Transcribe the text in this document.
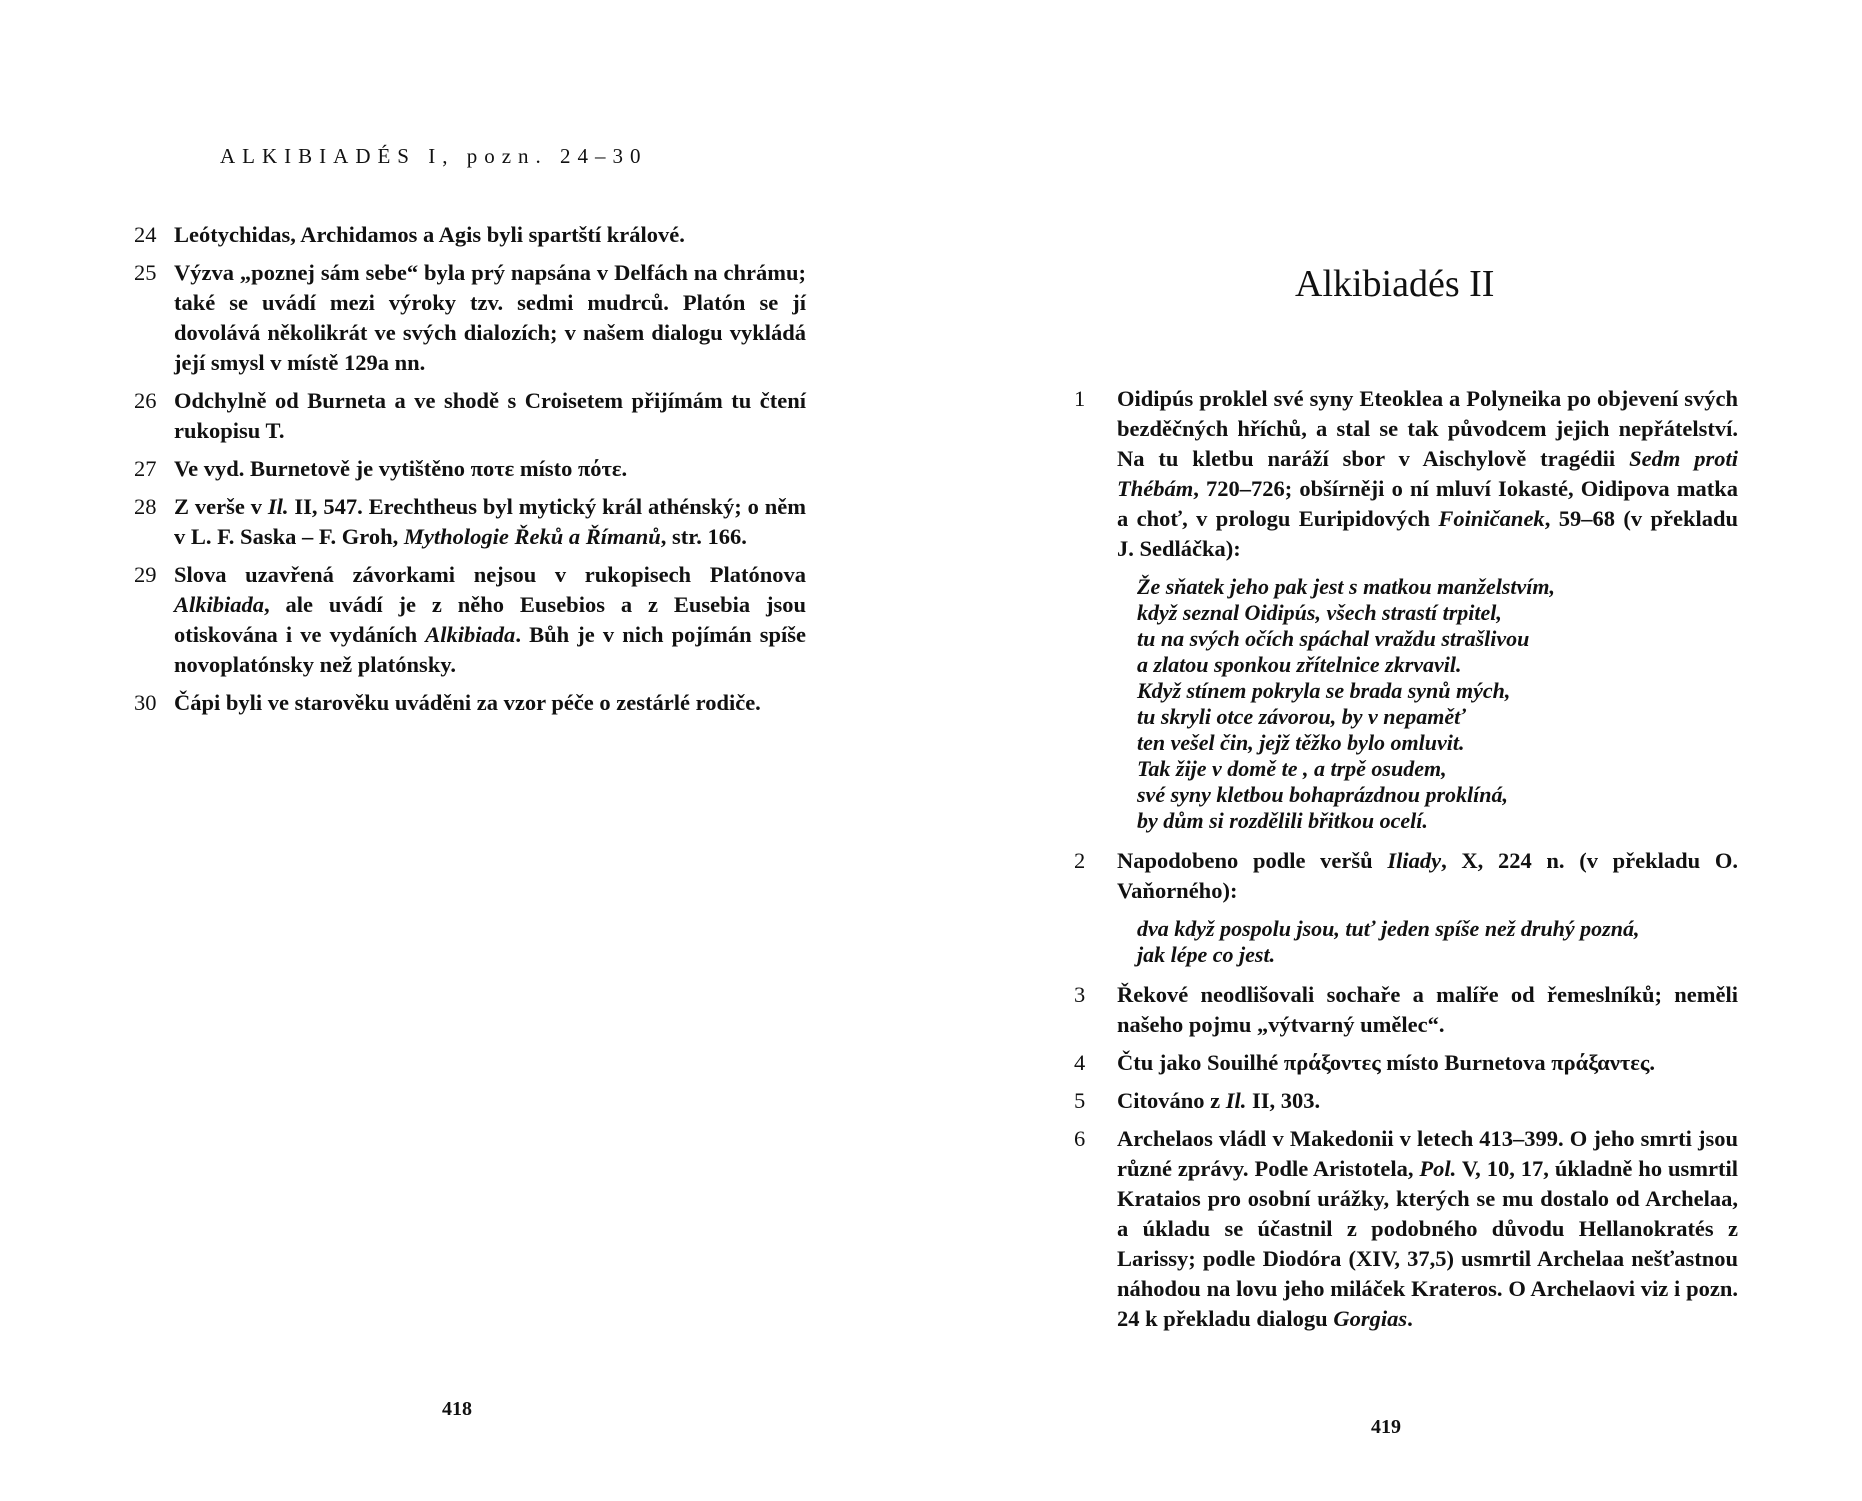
ALKIBIADÉS I, pozn. 24–30
24 Leótychidas, Archidamos a Agis byli spartští králové.
25 Výzva „poznej sám sebe“ byla prý napsána v Delfách na chrámu; také se uvádí mezi výroky tzv. sedmi mudrců. Platón se jí dovolává několikrát ve svých dialozích; v našem dialogu vykládá její smysl v místě 129a nn.
26 Odchylně od Burneta a ve shodě s Croisetem přijímám tu čtení rukopisu T.
27 Ve vyd. Burnetově je vytištěno ποτε místo πότε.
28 Z verše v Il. II, 547. Erechtheus byl mytický král athénský; o něm v L. F. Saska – F. Groh, Mythologie Řeků a Římanů, str. 166.
29 Slova uzavřená závorkami nejsou v rukopisech Platónova Alkibiada, ale uvádí je z něho Eusebios a z Eusebia jsou otiskována i ve vydáních Alkibiada. Bůh je v nich pojímán spíše novoplatónsky než platónsky.
30 Čápi byli ve starověku uváděni za vzor péče o zestárlé rodiče.
418
Alkibiadés II
1 Oidipús proklel své syny Eteoklea a Polyneika po objevení svých bezděčných hříchů, a stal se tak původcem jejich nepřátelství. Na tu kletbu naráží sbor v Aischylově tragédii Sedm proti Thébám, 720–726; obšírněji o ní mluví Iokasté, Oidipova matka a choť, v prologu Euripidových Foiničanek, 59–68 (v překladu J. Sedláčka):
Že sňatek jeho pak jest s matkou manželstvím,
když seznal Oidipús, všech strastí trpitel,
tu na svých očích spáchal vraždu strašlivou
a zlatou sponkou zřítelnice zkrvavil.
Když stínem pokryla se brada synů mých,
tu skryli otce závorou, by v nepaměť
ten vešel čin, jejž těžko bylo omluvit.
Tak žije v domě te , a trpě osudem,
své syny kletbou bohaprázdnou proklíná,
by dům si rozdělili břitkou ocelí.
2 Napodobeno podle veršů Iliady, X, 224 n. (v překladu O. Vaňorného):
dva když pospolu jsou, tuť jeden spíše než druhý pozná,
jak lépe co jest.
3 Řekové neodlišovali sochaře a malíře od řemeslníků; neměli našeho pojmu „výtvarný umělec“.
4 Čtu jako Souilhé πράξοντες místo Burnetova πράξαντες.
5 Citováno z Il. II, 303.
6 Archelaos vládl v Makedonii v letech 413–399. O jeho smrti jsou různé zprávy. Podle Aristotela, Pol. V, 10, 17, úkladně ho usmrtil Krataios pro osobní urážky, kterých se mu dostalo od Archelaa, a úkladu se účastnil z podobného důvodu Hellanokratés z Larissy; podle Diodóra (XIV, 37,5) usmrtil Archelaa nešťastnou náhodou na lovu jeho miláček Krateros. O Archelaovi viz i pozn. 24 k překladu dialogu Gorgias.
419
